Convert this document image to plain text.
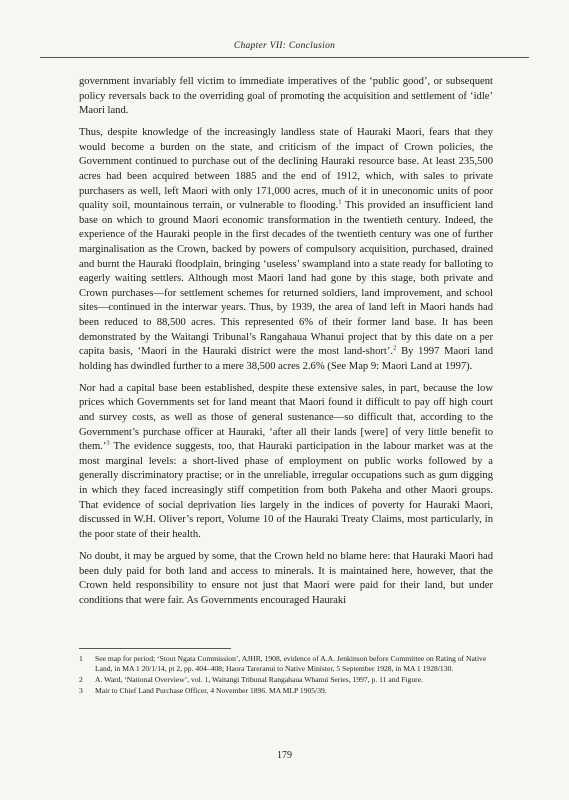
Chapter VII: Conclusion

government invariably fell victim to immediate imperatives of the ‘public good’, or subsequent policy reversals back to the overriding goal of promoting the acquisition and settlement of ‘idle’ Maori land.

Thus, despite knowledge of the increasingly landless state of Hauraki Maori, fears that they would become a burden on the state, and criticism of the impact of Crown policies, the Government continued to purchase out of the declining Hauraki resource base. At least 235,500 acres had been acquired between 1885 and the end of 1912, which, with sales to private purchasers as well, left Maori with only 171,000 acres, much of it in uneconomic units of poor quality soil, mountainous terrain, or vulnerable to flooding.$^1$ This provided an insufficient land base on which to ground Maori economic transformation in the twentieth century. Indeed, the experience of the Hauraki people in the first decades of the twentieth century was one of further marginalisation as the Crown, backed by powers of compulsory acquisition, purchased, drained and burnt the Hauraki floodplain, bringing ‘useless’ swampland into a state ready for balloting to eagerly waiting settlers. Although most Maori land had gone by this stage, both private and Crown purchases—for settlement schemes for returned soldiers, land improvement, and school sites—continued in the interwar years. Thus, by 1939, the area of land left in Maori hands had been reduced to 88,500 acres. This represented 6% of their former land base. It has been demonstrated by the Waitangi Tribunal’s Rangahaua Whanui project that by this date on a per capita basis, ‘Maori in the Hauraki district were the most land-short’.$^2$ By 1997 Maori land holding has dwindled further to a mere 38,500 acres 2.6% (See Map 9: Maori Land at 1997).

Nor had a capital base been established, despite these extensive sales, in part, because the low prices which Governments set for land meant that Maori found it difficult to pay off high court and survey costs, as well as those of general sustenance—so difficult that, according to the Government’s purchase officer at Hauraki, ‘after all their lands [were] of very little benefit to them.’$^3$ The evidence suggests, too, that Hauraki participation in the labour market was at the most marginal levels: a short-lived phase of employment on public works followed by a generally discriminatory practise; or in the unreliable, irregular occupations such as gum digging in which they faced increasingly stiff competition from both Pakeha and other Maori groups. That evidence of social deprivation lies largely in the indices of poverty for Hauraki Maori, discussed in W.H. Oliver’s report, Volume 10 of the Hauraki Treaty Claims, most particularly, in the poor state of their health.

No doubt, it may be argued by some, that the Crown held no blame here: that Hauraki Maori had been duly paid for both land and access to minerals. It is maintained here, however, that the Crown held responsibility to ensure not just that Maori were paid for their land, but under conditions that were fair. As Governments encouraged Hauraki

1	See map for period; ‘Stout Ngata Commission’, AJHR, 1908, evidence of A.A. Jenkinson before Committee on Rating of Native Land, in MA 1 20/1/14, pt 2, pp. 404–408; Haora Tareranui to Native Minister, 5 September 1928, in MA 1 1928/130.
2	A. Ward, ‘National Overview’, vol. 1, Waitangi Tribunal Rangahaua Whanui Series, 1997, p. 11 and Figure.
3	Mair to Chief Land Purchase Officer, 4 November 1896. MA MLP 1905/39.
179
